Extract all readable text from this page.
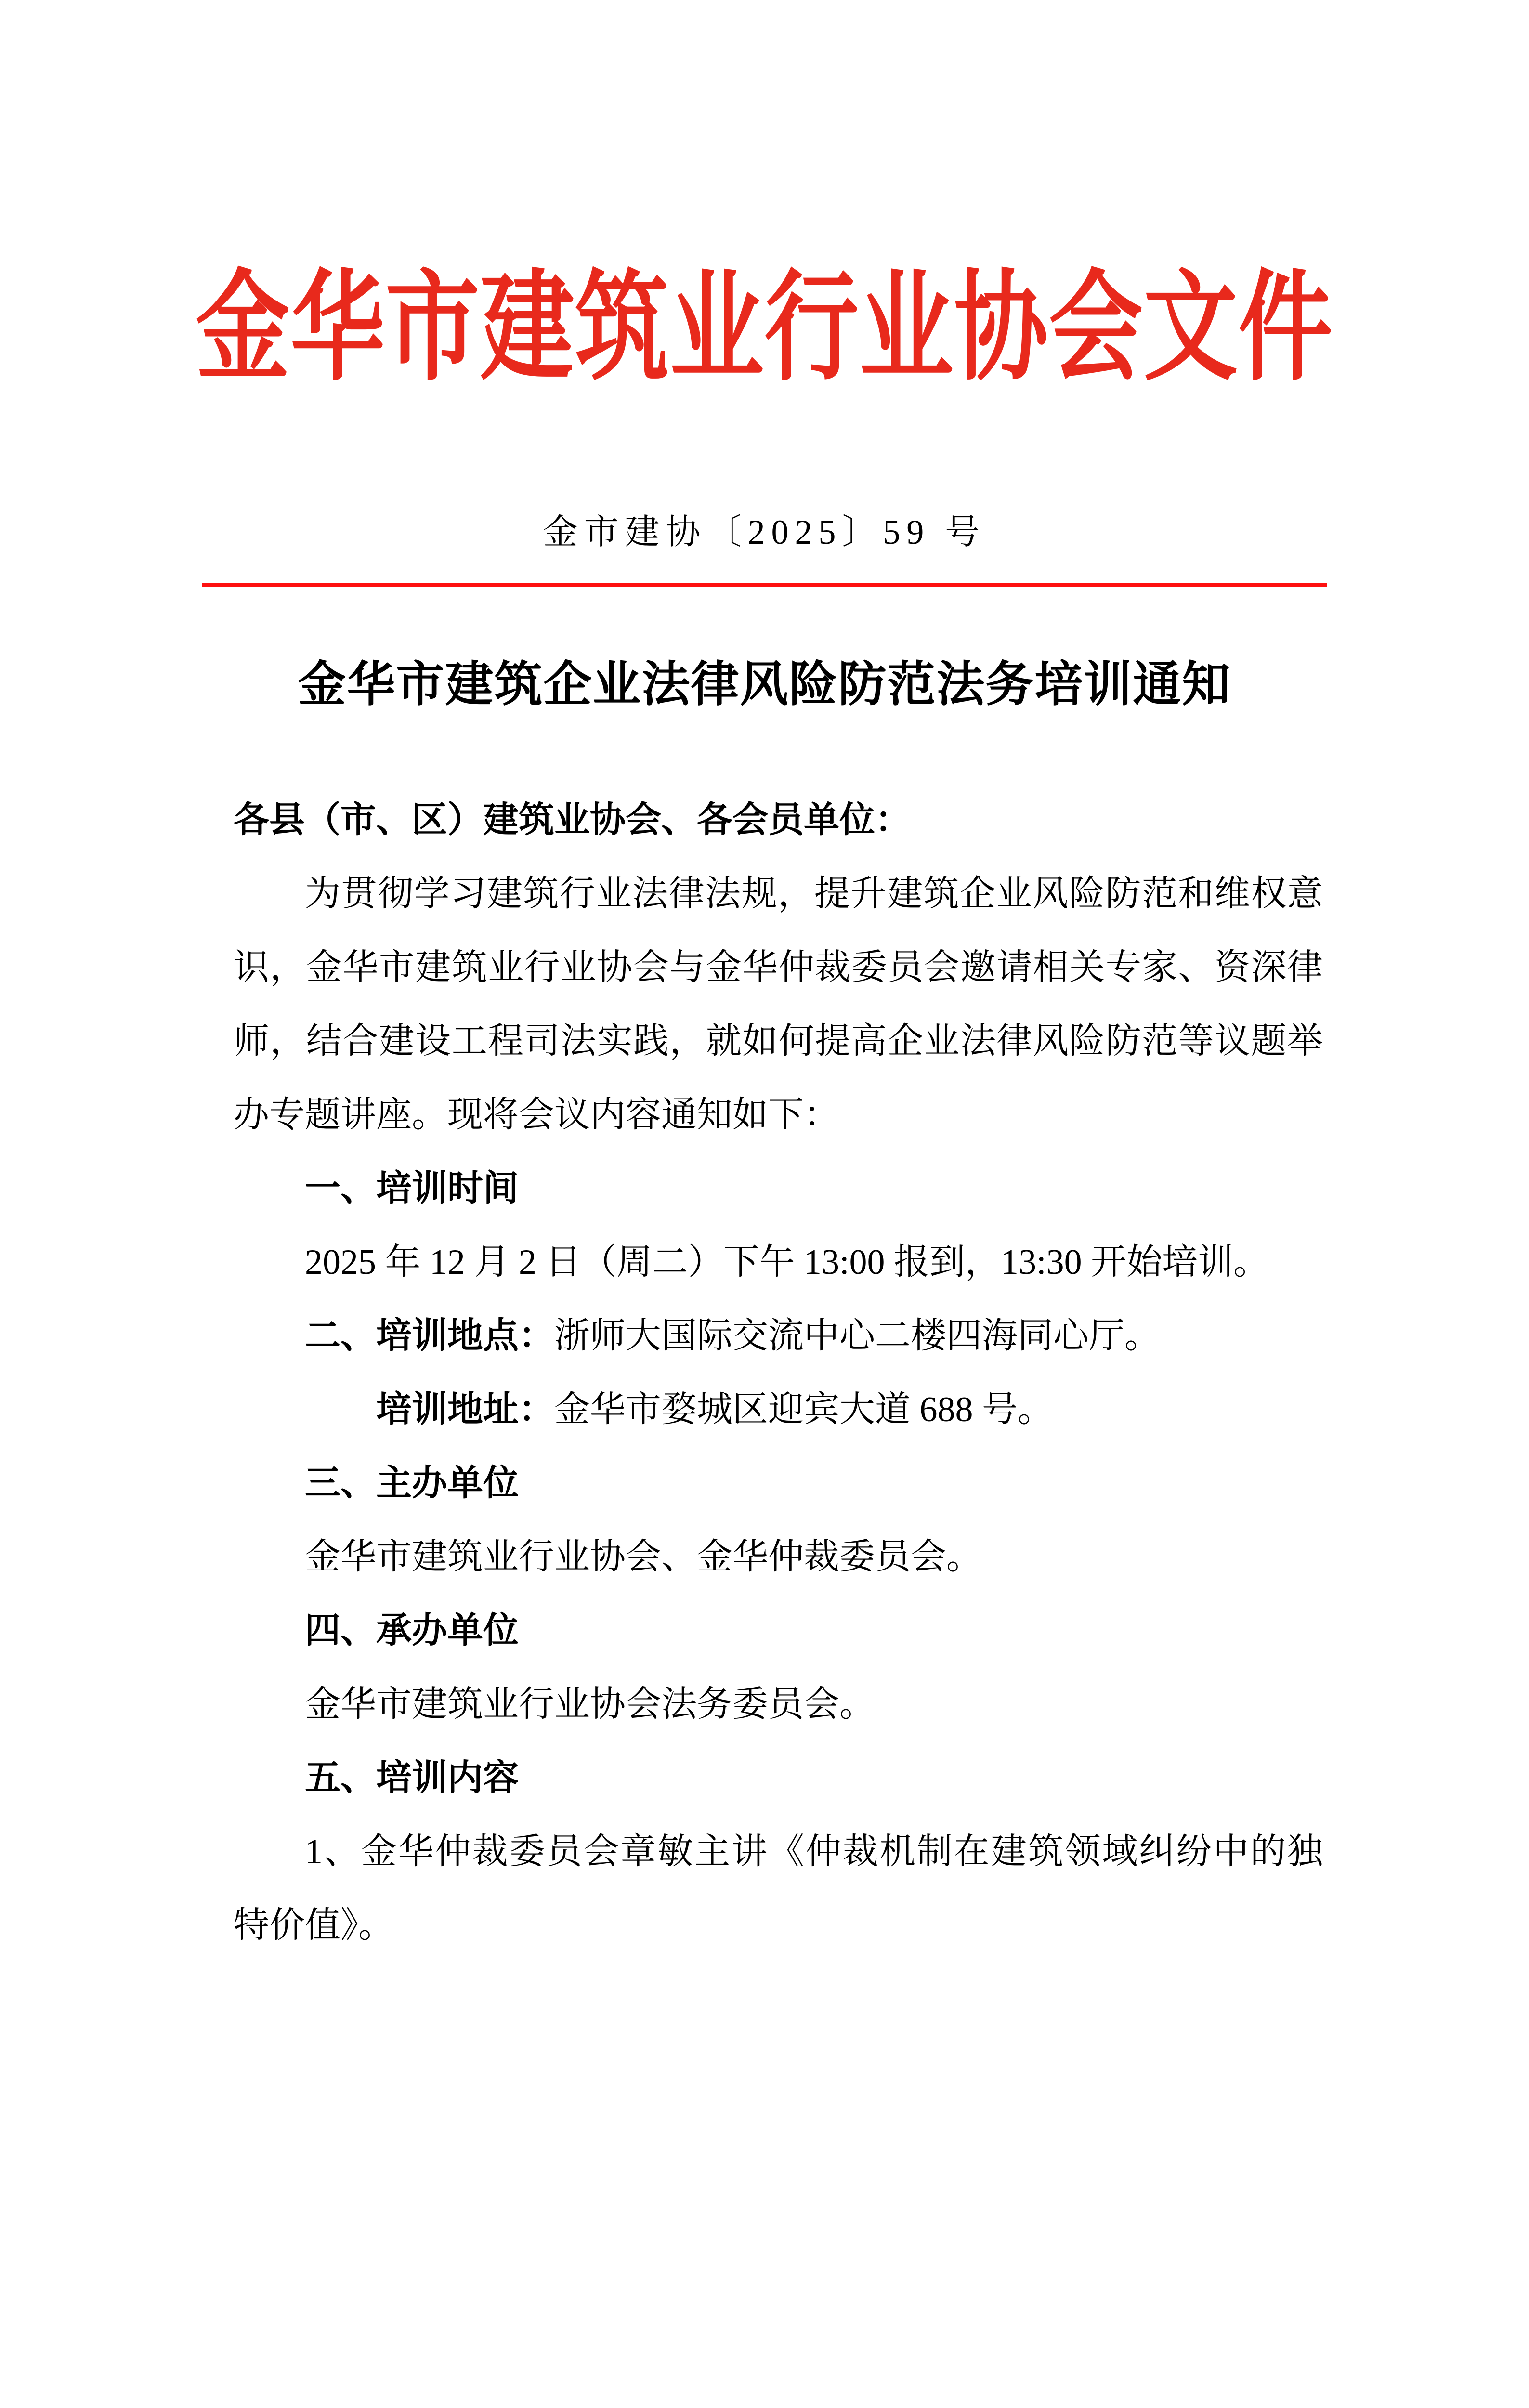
金华市建筑业行业协会文件
金市建协〔2025〕59 号
金华市建筑企业法律风险防范法务培训通知
各县（市、区）建筑业协会、各会员单位：
为贯彻学习建筑行业法律法规，提升建筑企业风险防范和维权意
识，金华市建筑业行业协会与金华仲裁委员会邀请相关专家、资深律
师，结合建设工程司法实践，就如何提高企业法律风险防范等议题举
办专题讲座。现将会议内容通知如下：
一、培训时间
2025 年 12 月 2 日（周二）下午 13:00 报到，13:30 开始培训。
二、培训地点：浙师大国际交流中心二楼四海同心厅。
培训地址：金华市婺城区迎宾大道 688 号。
三、主办单位
金华市建筑业行业协会、金华仲裁委员会。
四、承办单位
金华市建筑业行业协会法务委员会。
五、培训内容
1、金华仲裁委员会章敏主讲《仲裁机制在建筑领域纠纷中的独
特价值》。
